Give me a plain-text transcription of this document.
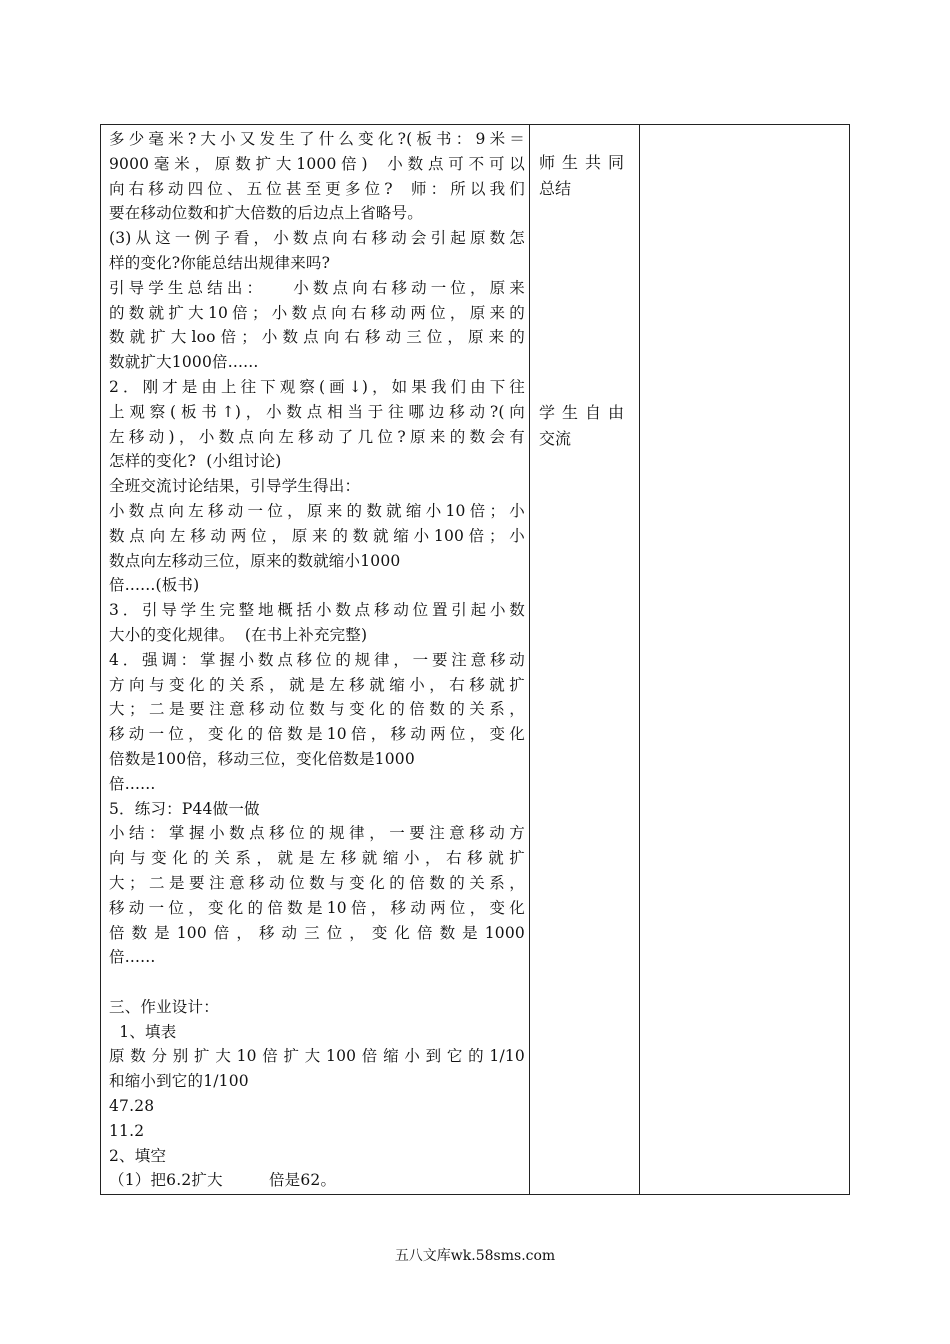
多少毫米?大小又发生了什么变化?(板书：9米＝
9000毫米，原数扩大1000倍)  小数点可不可以
向右移动四位、五位甚至更多位?  师：所以我们
要在移动位数和扩大倍数的后边点上省略号。
(3)从这一例子看，小数点向右移动会引起原数怎
样的变化?你能总结出规律来吗?
引导学生总结出：   小数点向右移动一位，原来
的数就扩大10倍；小数点向右移动两位，原来的
数就扩大loo倍；小数点向右移动三位，原来的
数就扩大1000倍......
2．刚才是由上往下观察(画↓)，如果我们由下往
上观察(板书↑)，小数点相当于往哪边移动?(向
左移动)，小数点向左移动了几位?原来的数会有
怎样的变化?  (小组讨论)
全班交流讨论结果，引导学生得出：
小数点向左移动一位，原来的数就缩小10倍；小
数点向左移动两位，原来的数就缩小100倍；小
数点向左移动三位，原来的数就缩小1000
倍......(板书)
3．引导学生完整地概括小数点移动位置引起小数
大小的变化规律。  (在书上补充完整)
4．强调：掌握小数点移位的规律，一要注意移动
方向与变化的关系，就是左移就缩小，右移就扩
大；二是要注意移动位数与变化的倍数的关系，
移动一位，变化的倍数是10倍，移动两位，变化
倍数是100倍，移动三位，变化倍数是1000
倍......
5．练习：P44做一做
小结：掌握小数点移位的规律，一要注意移动方
向与变化的关系，就是左移就缩小，右移就扩
大；二是要注意移动位数与变化的倍数的关系，
移动一位，变化的倍数是10倍，移动两位，变化
倍数是100倍，移动三位，变化倍数是1000
倍......
三、作业设计：
1、填表
原数分别扩大10倍扩大100倍缩小到它的1/10
和缩小到它的1/100
47.28
11.2
2、填空
（1）把6.2扩大         倍是62。
师生共同
总结
学生自由
交流
五八文库wk.58sms.com
